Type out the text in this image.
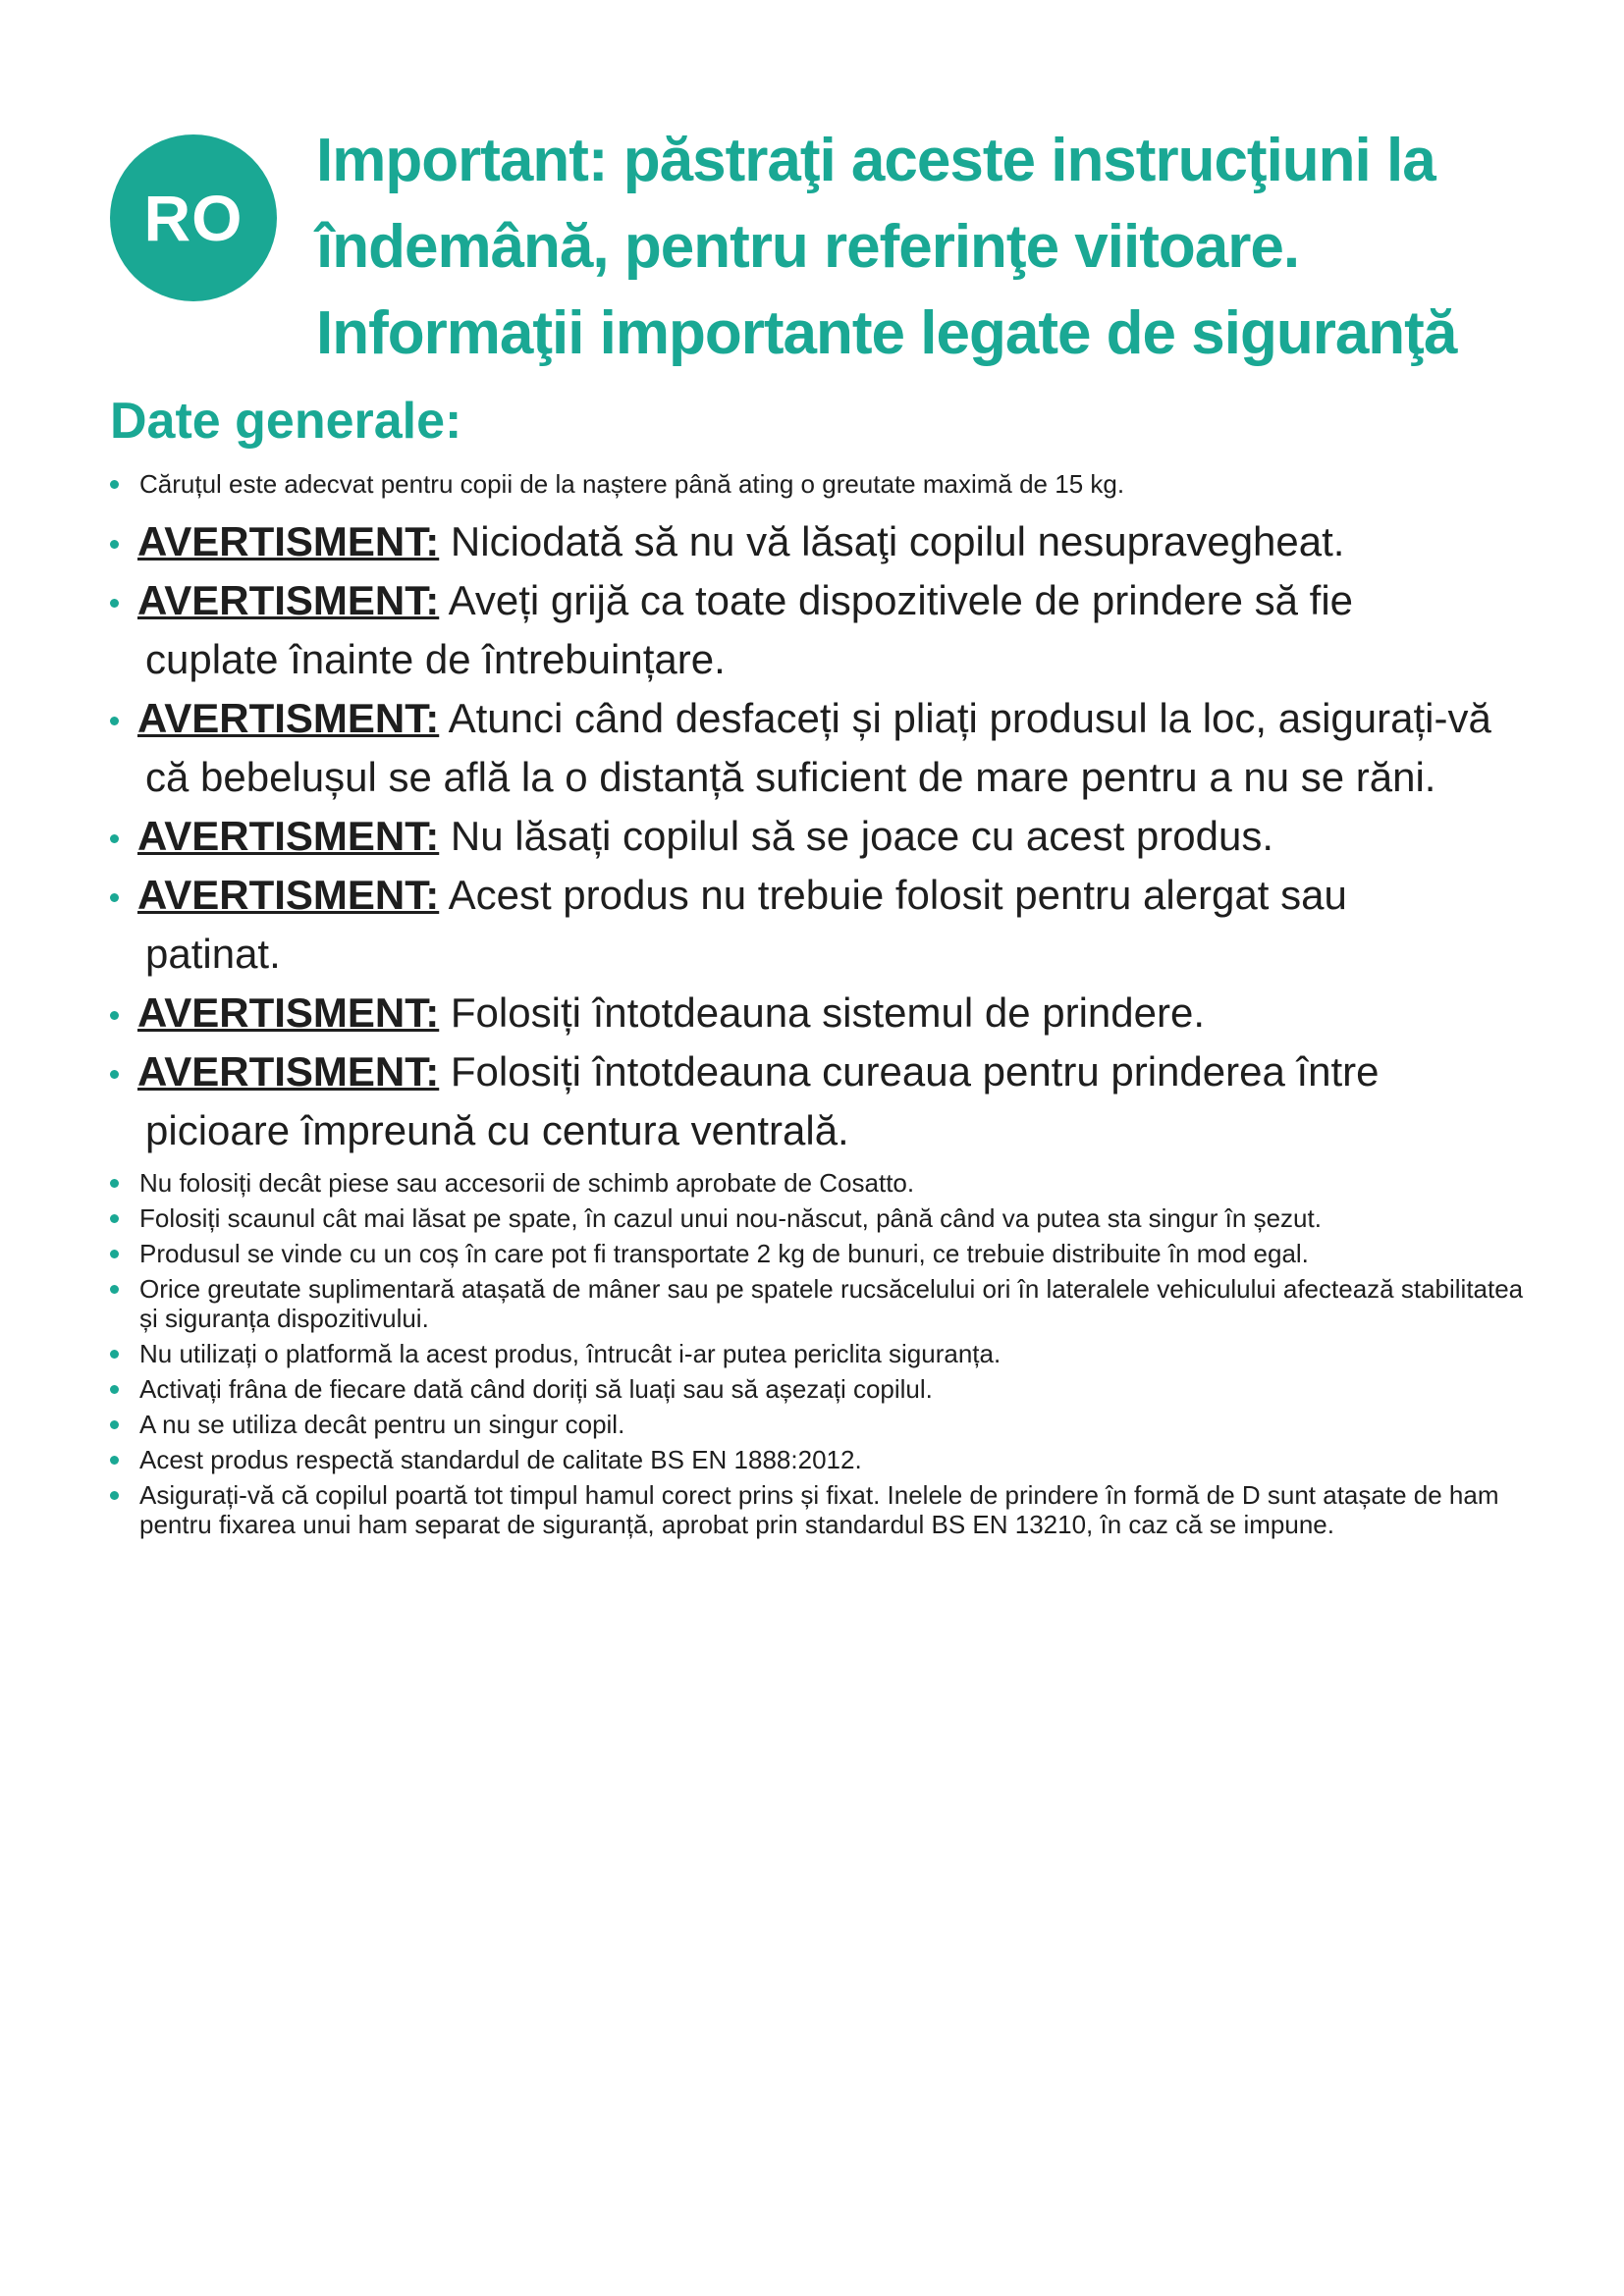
RO
Important: păstraţi aceste instrucţiuni la
îndemână, pentru referinţe viitoare.
Informaţii importante legate de siguranţă
Date generale:
Căruțul este adecvat pentru copii de la naștere până ating o greutate maximă de 15 kg.
AVERTISMENT: Niciodată să nu vă lăsaţi copilul nesupravegheat.
AVERTISMENT: Aveți grijă ca toate dispozitivele de prindere să fie
cuplate înainte de întrebuințare.
AVERTISMENT: Atunci când desfaceți și pliați produsul la loc, asigurați-vă
că bebelușul se află la o distanță suficient de mare pentru a nu se răni.
AVERTISMENT: Nu lăsați copilul să se joace cu acest produs.
AVERTISMENT: Acest produs nu trebuie folosit pentru alergat sau
patinat.
AVERTISMENT: Folosiți întotdeauna sistemul de prindere.
AVERTISMENT: Folosiți întotdeauna cureaua pentru prinderea între
picioare împreună cu centura ventrală.
Nu folosiți decât piese sau accesorii de schimb aprobate de Cosatto.
Folosiți scaunul cât mai lăsat pe spate, în cazul unui nou-născut, până când va putea sta singur în șezut.
Produsul se vinde cu un coș în care pot fi transportate 2 kg de bunuri, ce trebuie distribuite în mod egal.
Orice greutate suplimentară atașată de mâner sau pe spatele rucsăcelului ori în lateralele vehiculului afectează stabilitatea și siguranța dispozitivului.
Nu utilizați o platformă la acest produs, întrucât i-ar putea periclita siguranța.
Activați frâna de fiecare dată când doriți să luați sau să așezați copilul.
A nu se utiliza decât pentru un singur copil.
Acest produs respectă standardul de calitate BS EN 1888:2012.
Asigurați-vă că copilul poartă tot timpul hamul corect prins și fixat. Inelele de prindere în formă de D sunt atașate de ham pentru fixarea unui ham separat de siguranță, aprobat prin standardul BS EN 13210, în caz că se impune.
